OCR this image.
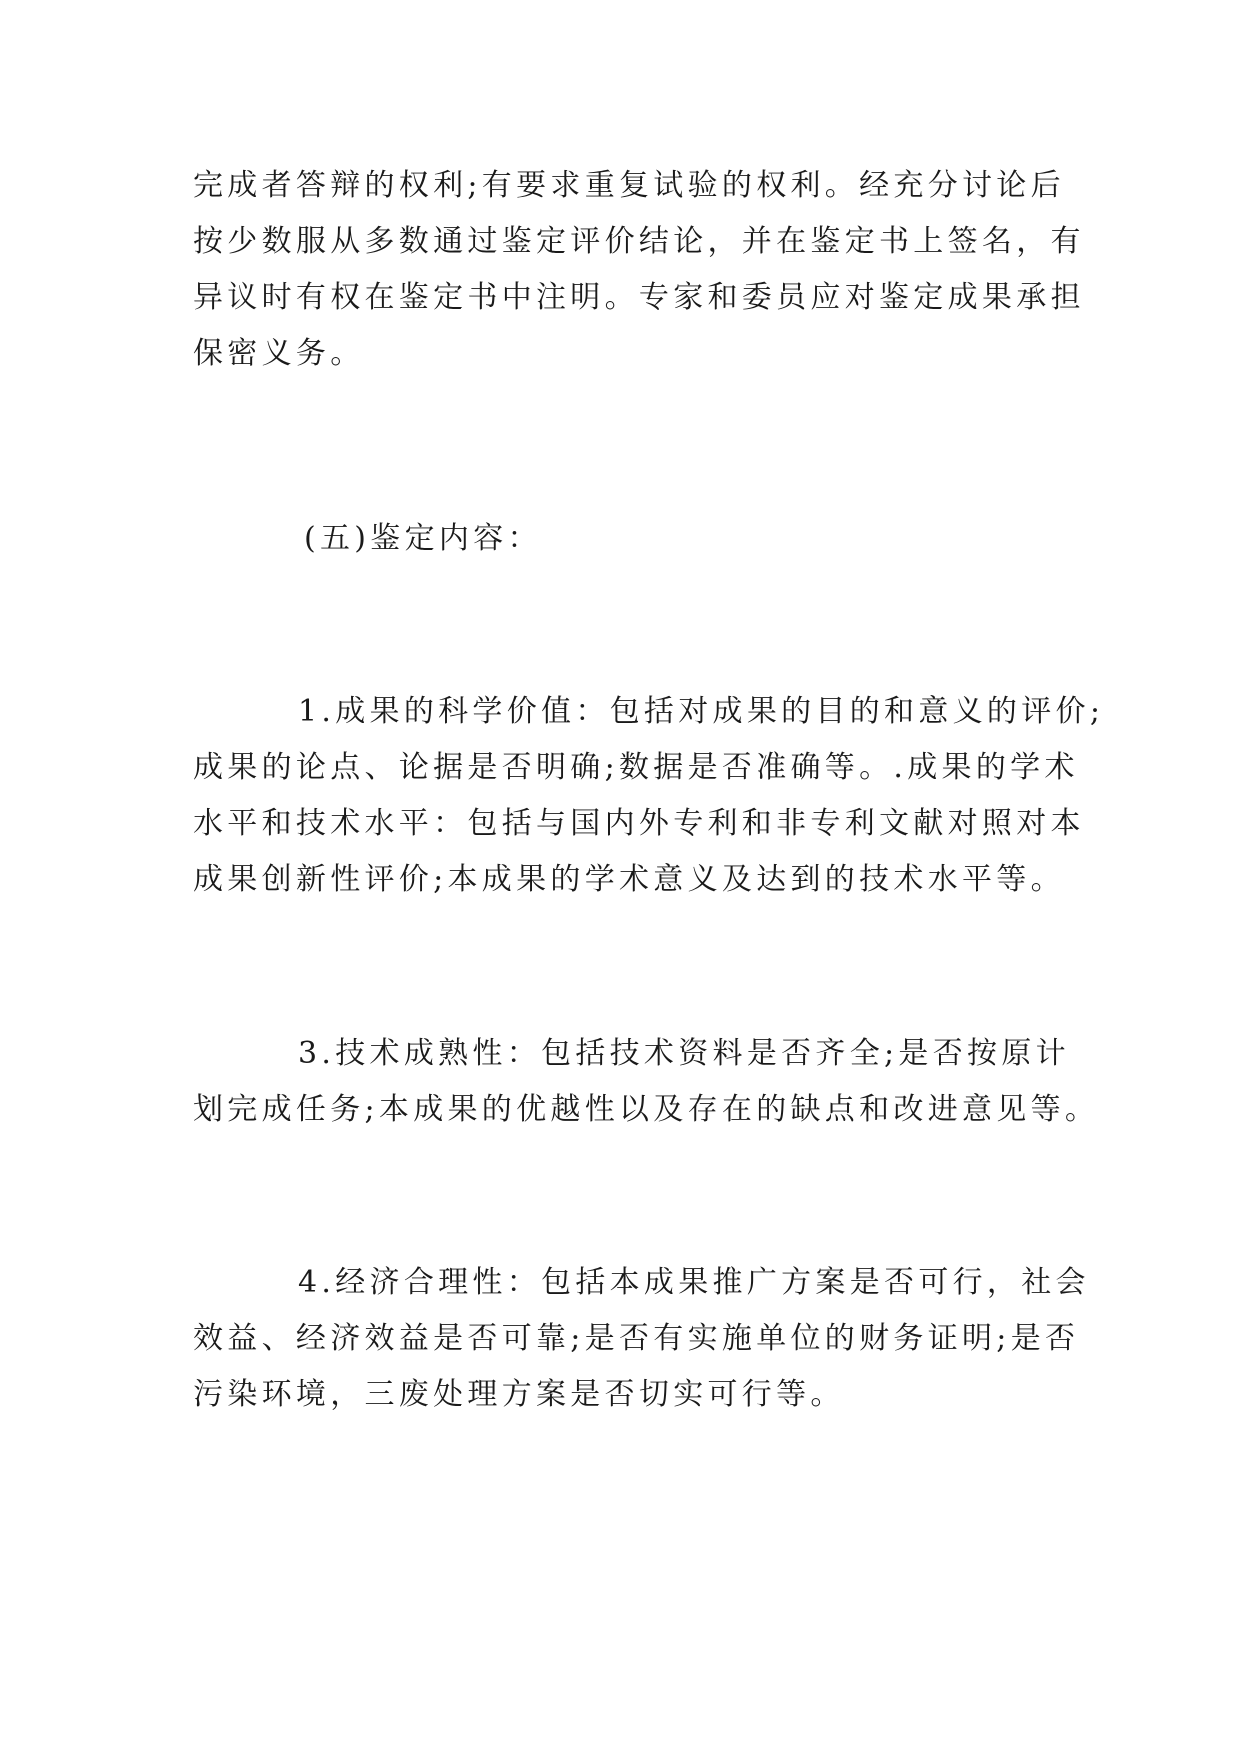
完成者答辩的权利;有要求重复试验的权利。经充分讨论后
按少数服从多数通过鉴定评价结论，并在鉴定书上签名，有
异议时有权在鉴定书中注明。专家和委员应对鉴定成果承担
保密义务。
(五)鉴定内容：
1.成果的科学价值：包括对成果的目的和意义的评价;
成果的论点、论据是否明确;数据是否准确等。.成果的学术
水平和技术水平：包括与国内外专利和非专利文献对照对本
成果创新性评价;本成果的学术意义及达到的技术水平等。
3.技术成熟性：包括技术资料是否齐全;是否按原计
划完成任务;本成果的优越性以及存在的缺点和改进意见等。
4.经济合理性：包括本成果推广方案是否可行，社会
效益、经济效益是否可靠;是否有实施单位的财务证明;是否
污染环境，三废处理方案是否切实可行等。
